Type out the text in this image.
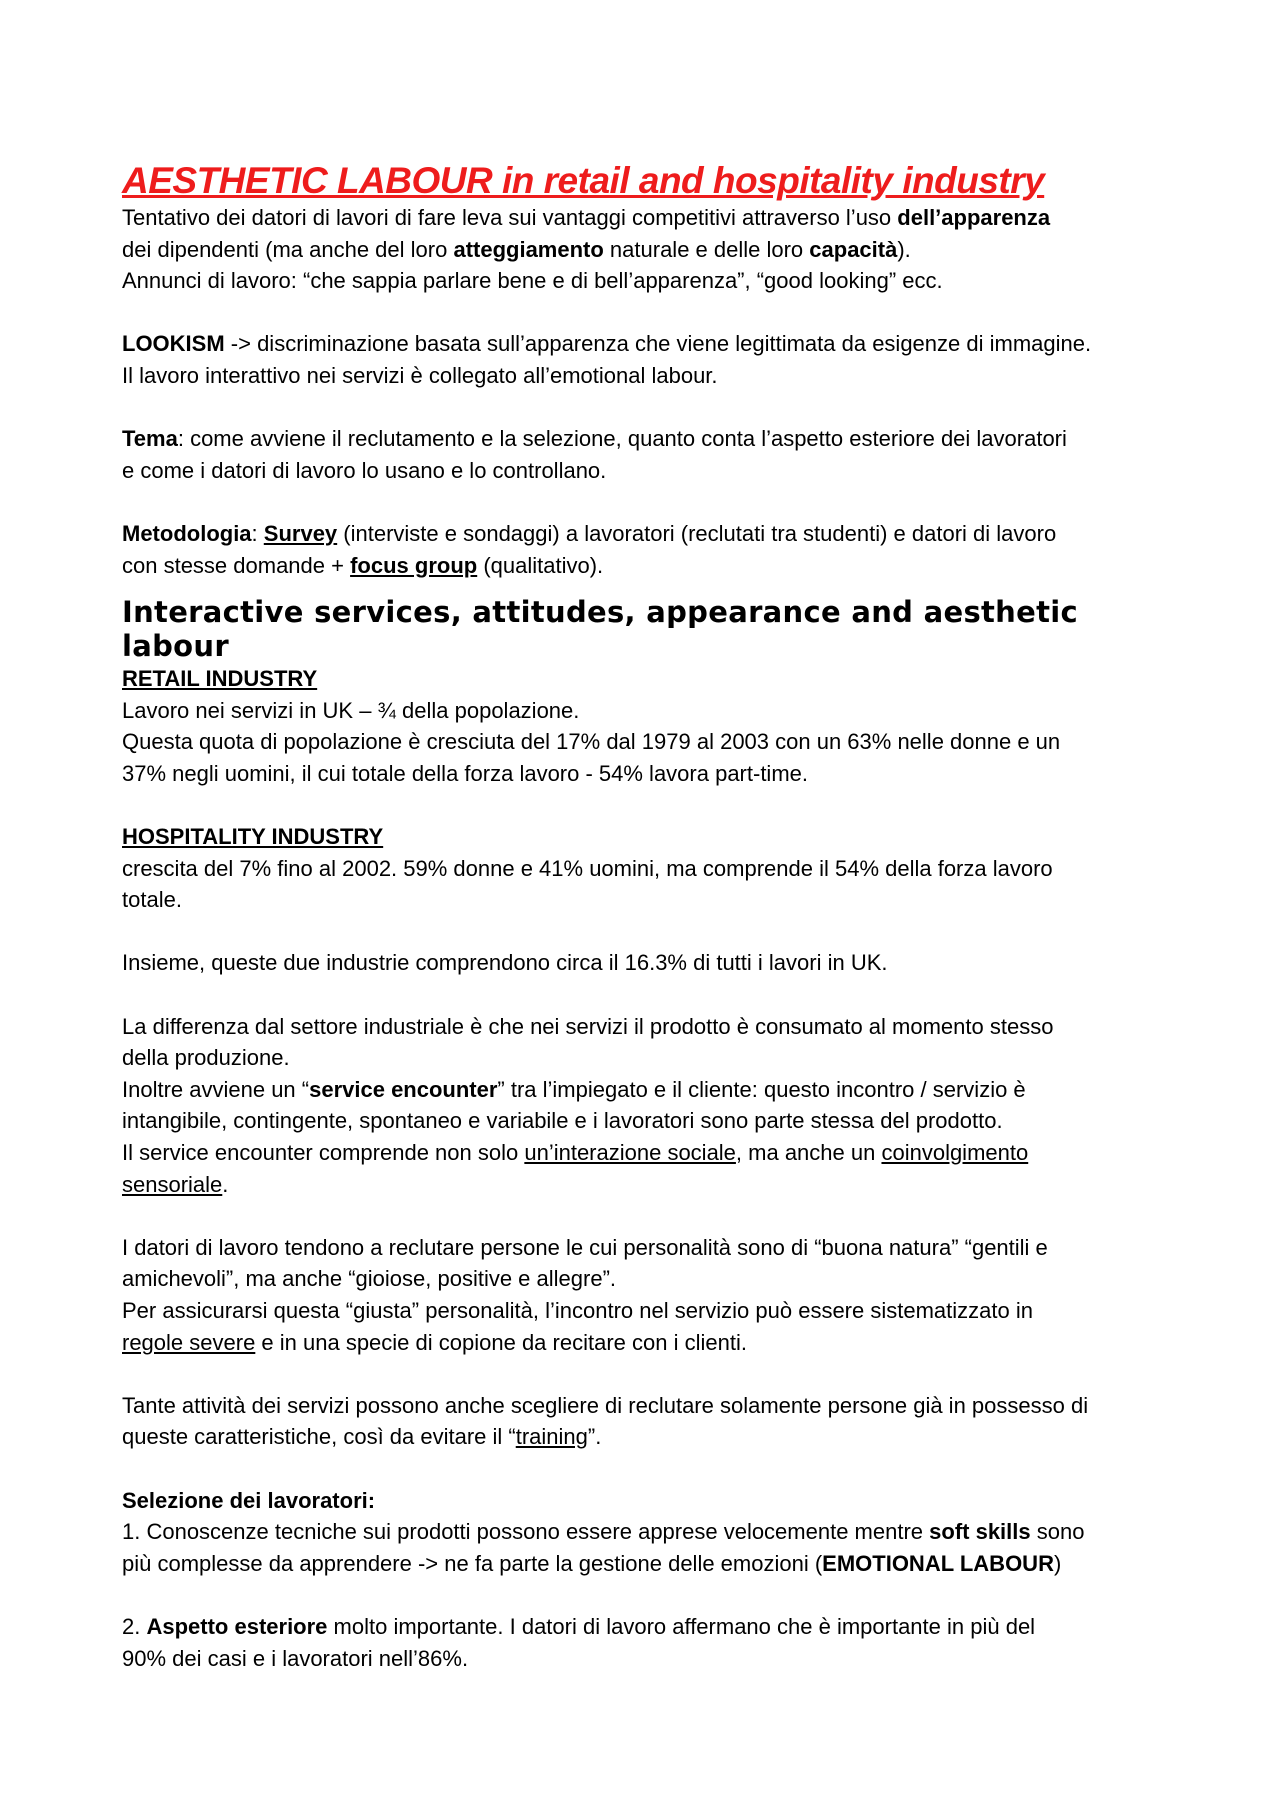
AESTHETIC LABOUR in retail and hospitality industry

Tentativo dei datori di lavori di fare leva sui vantaggi competitivi attraverso l’uso dell’apparenza

dei dipendenti (ma anche del loro atteggiamento naturale e delle loro capacità).

Annunci di lavoro: “che sappia parlare bene e di bell’apparenza”, “good looking” ecc.

LOOKISM -> discriminazione basata sull’apparenza che viene legittimata da esigenze di immagine.

Il lavoro interattivo nei servizi è collegato all’emotional labour.

Tema: come avviene il reclutamento e la selezione, quanto conta l’aspetto esteriore dei lavoratori

e come i datori di lavoro lo usano e lo controllano.

Metodologia: Survey (interviste e sondaggi) a lavoratori (reclutati tra studenti) e datori di lavoro

con stesse domande + focus group (qualitativo).

Interactive services, attitudes, appearance and aesthetic
labour

RETAIL INDUSTRY

Lavoro nei servizi in UK – ¾ della popolazione.

Questa quota di popolazione è cresciuta del 17% dal 1979 al 2003 con un 63% nelle donne e un

37% negli uomini, il cui totale della forza lavoro - 54% lavora part-time.

HOSPITALITY INDUSTRY

crescita del 7% fino al 2002. 59% donne e 41% uomini, ma comprende il 54% della forza lavoro

totale.

Insieme, queste due industrie comprendono circa il 16.3% di tutti i lavori in UK.

La differenza dal settore industriale è che nei servizi il prodotto è consumato al momento stesso

della produzione.

Inoltre avviene un “service encounter” tra l’impiegato e il cliente: questo incontro / servizio è

intangibile, contingente, spontaneo e variabile e i lavoratori sono parte stessa del prodotto.

Il service encounter comprende non solo un’interazione sociale, ma anche un coinvolgimento

sensoriale.

I datori di lavoro tendono a reclutare persone le cui personalità sono di “buona natura” “gentili e

amichevoli”, ma anche “gioiose, positive e allegre”.

Per assicurarsi questa “giusta” personalità, l’incontro nel servizio può essere sistematizzato in

regole severe e in una specie di copione da recitare con i clienti.

Tante attività dei servizi possono anche scegliere di reclutare solamente persone già in possesso di

queste caratteristiche, così da evitare il “training”.

Selezione dei lavoratori:

1. Conoscenze tecniche sui prodotti possono essere apprese velocemente mentre soft skills sono

più complesse da apprendere -> ne fa parte la gestione delle emozioni (EMOTIONAL LABOUR)

2. Aspetto esteriore molto importante. I datori di lavoro affermano che è importante in più del

90% dei casi e i lavoratori nell’86%.
